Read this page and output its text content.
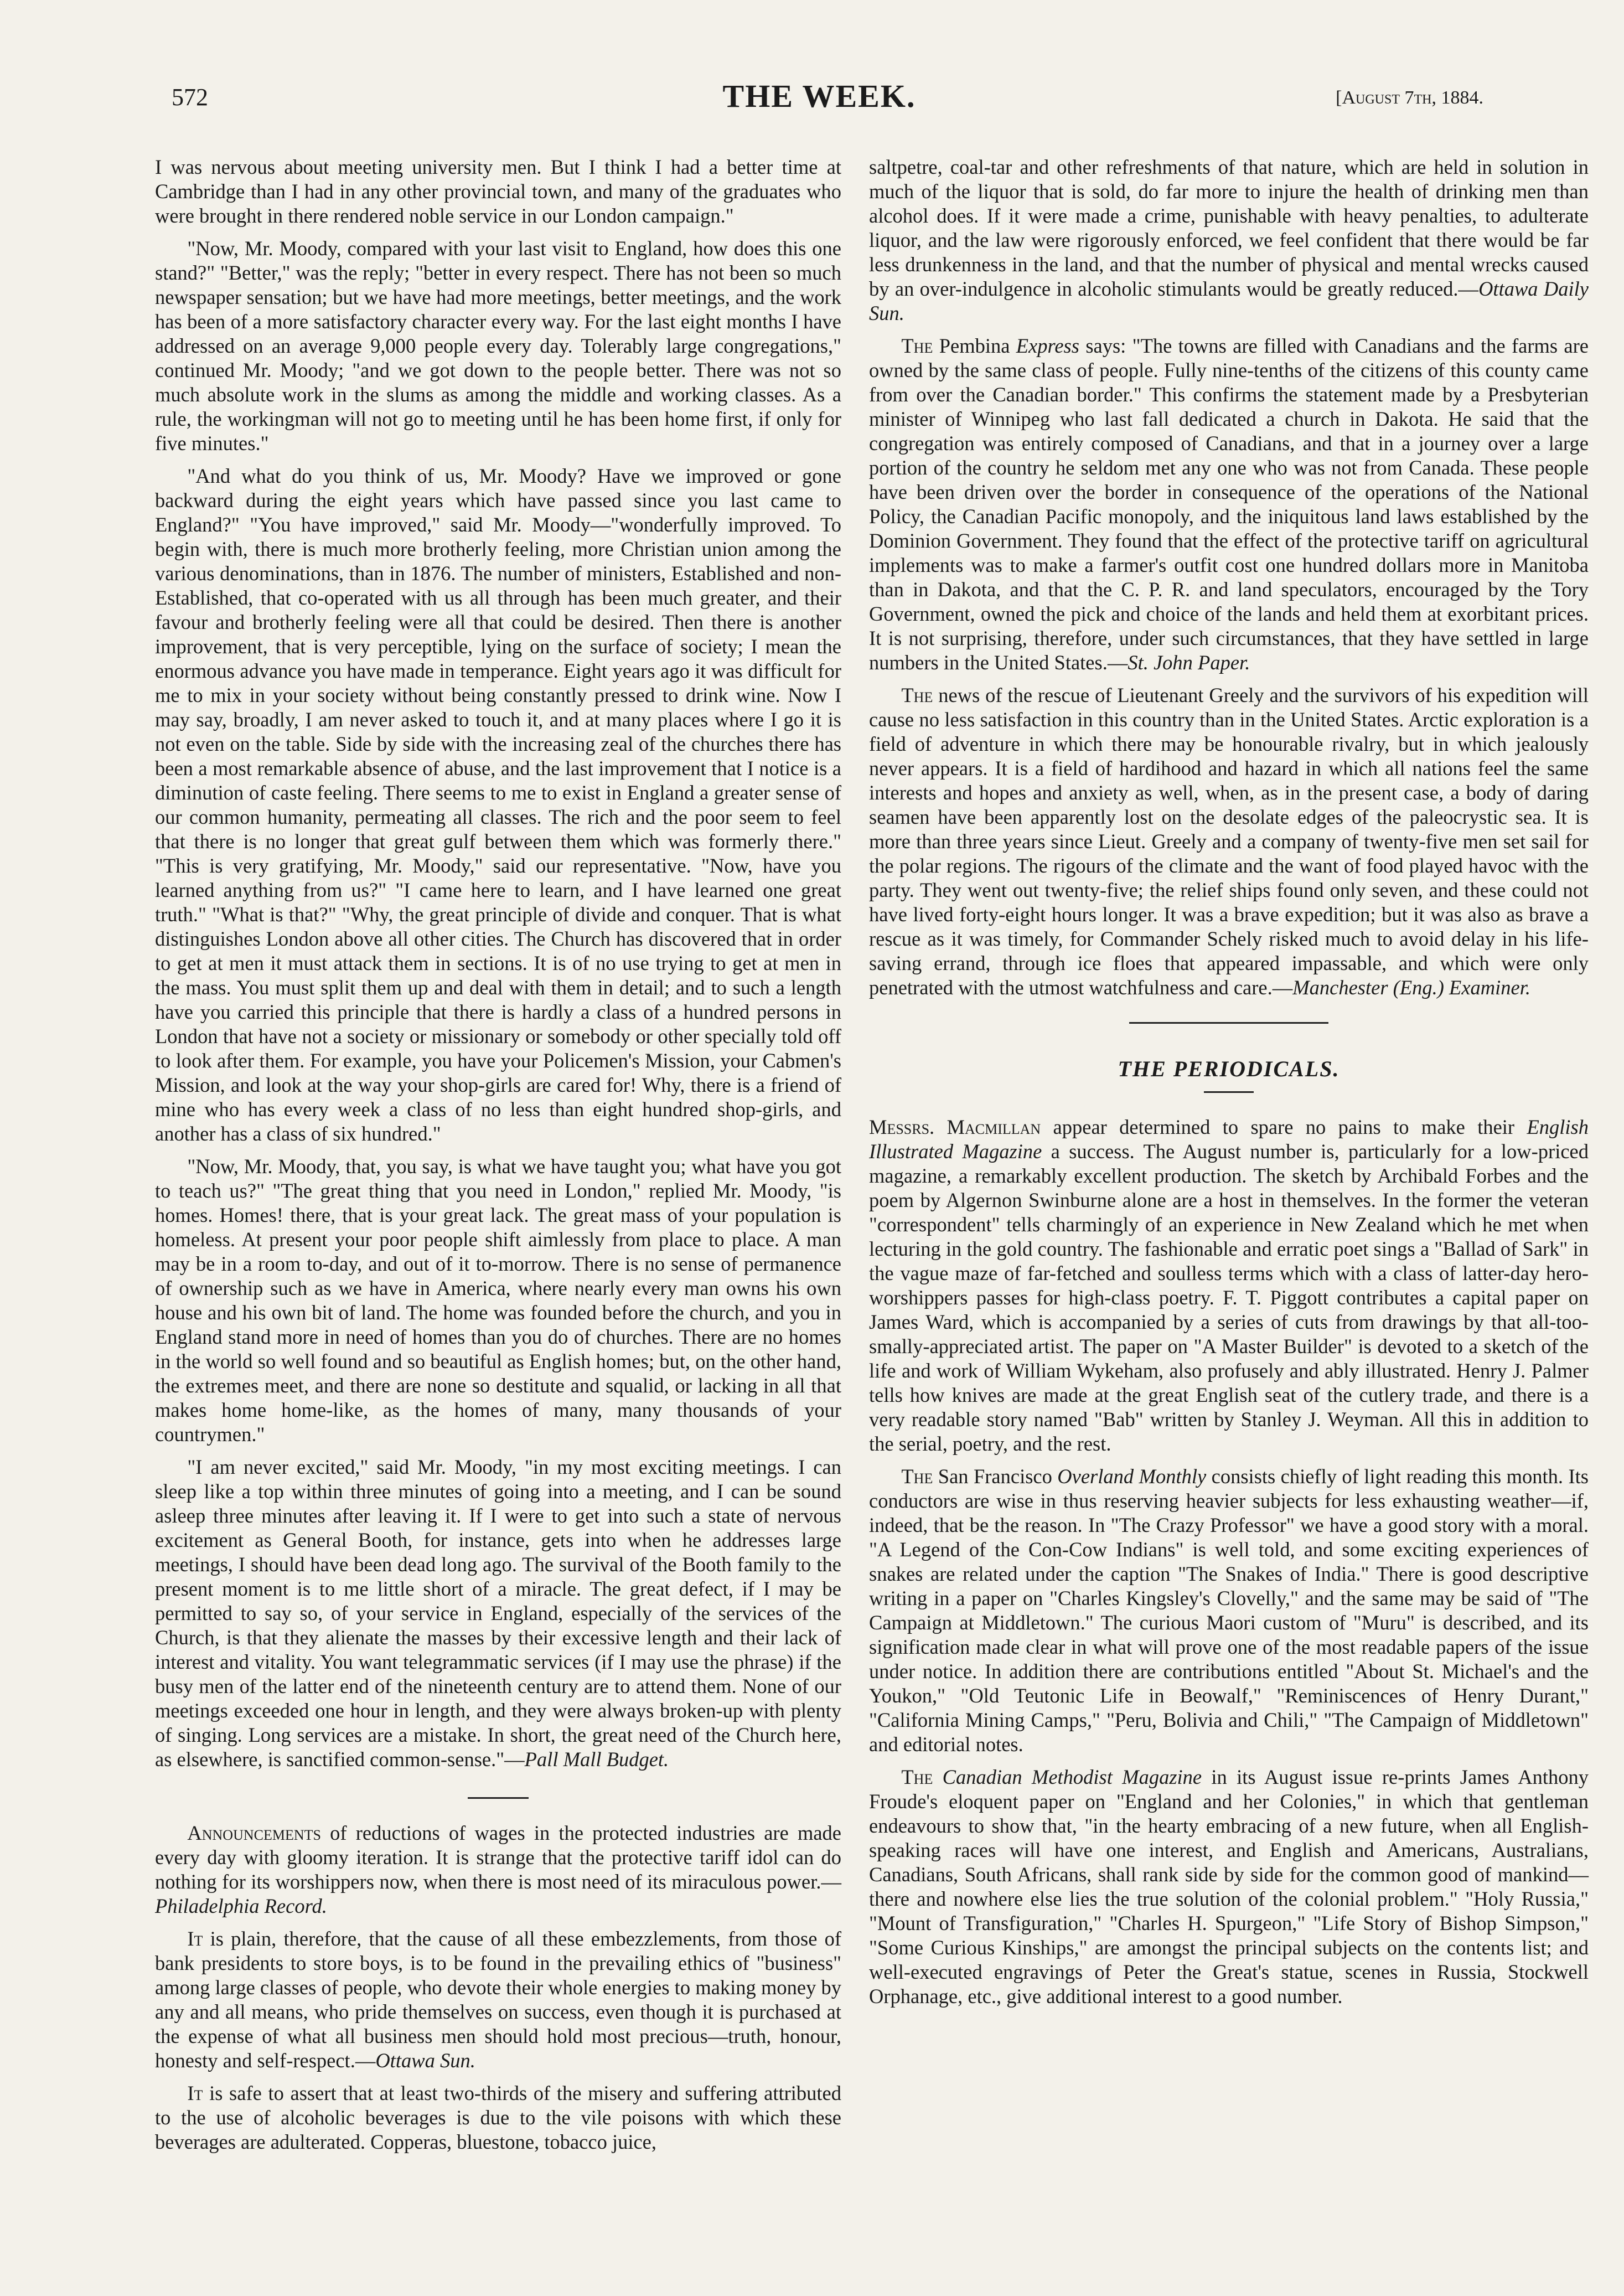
572	THE WEEK.	[August 7th, 1884.

I was nervous about meeting university men. But I think I had a better time at Cambridge than I had in any other provincial town, and many of the graduates who were brought in there rendered noble service in our London campaign."

"Now, Mr. Moody, compared with your last visit to England, how does this one stand?" "Better," was the reply; "better in every respect. There has not been so much newspaper sensation; but we have had more meetings, better meetings, and the work has been of a more satisfactory character every way. For the last eight months I have addressed on an average 9,000 people every day. Tolerably large congregations," continued Mr. Moody; "and we got down to the people better. There was not so much absolute work in the slums as among the middle and working classes. As a rule, the workingman will not go to meeting until he has been home first, if only for five minutes."

"And what do you think of us, Mr. Moody? Have we improved or gone backward during the eight years which have passed since you last came to England?" "You have improved," said Mr. Moody—"wonderfully improved. To begin with, there is much more brotherly feeling, more Christian union among the various denominations, than in 1876. The number of ministers, Established and non-Established, that co-operated with us all through has been much greater, and their favour and brotherly feeling were all that could be desired. Then there is another improvement, that is very perceptible, lying on the surface of society; I mean the enormous advance you have made in temperance. Eight years ago it was difficult for me to mix in your society without being constantly pressed to drink wine. Now I may say, broadly, I am never asked to touch it, and at many places where I go it is not even on the table. Side by side with the increasing zeal of the churches there has been a most remarkable absence of abuse, and the last improvement that I notice is a diminution of caste feeling. There seems to me to exist in England a greater sense of our common humanity, permeating all classes. The rich and the poor seem to feel that there is no longer that great gulf between them which was formerly there." "This is very gratifying, Mr. Moody," said our representative. "Now, have you learned anything from us?" "I came here to learn, and I have learned one great truth." "What is that?" "Why, the great principle of divide and conquer. That is what distinguishes London above all other cities. The Church has discovered that in order to get at men it must attack them in sections. It is of no use trying to get at men in the mass. You must split them up and deal with them in detail; and to such a length have you carried this principle that there is hardly a class of a hundred persons in London that have not a society or missionary or somebody or other specially told off to look after them. For example, you have your Policemen's Mission, your Cabmen's Mission, and look at the way your shop-girls are cared for! Why, there is a friend of mine who has every week a class of no less than eight hundred shop-girls, and another has a class of six hundred."

"Now, Mr. Moody, that, you say, is what we have taught you; what have you got to teach us?" "The great thing that you need in London," replied Mr. Moody, "is homes. Homes! there, that is your great lack. The great mass of your population is homeless. At present your poor people shift aimlessly from place to place. A man may be in a room to-day, and out of it to-morrow. There is no sense of permanence of ownership such as we have in America, where nearly every man owns his own house and his own bit of land. The home was founded before the church, and you in England stand more in need of homes than you do of churches. There are no homes in the world so well found and so beautiful as English homes; but, on the other hand, the extremes meet, and there are none so destitute and squalid, or lacking in all that makes home home-like, as the homes of many, many thousands of your countrymen."

"I am never excited," said Mr. Moody, "in my most exciting meetings. I can sleep like a top within three minutes of going into a meeting, and I can be sound asleep three minutes after leaving it. If I were to get into such a state of nervous excitement as General Booth, for instance, gets into when he addresses large meetings, I should have been dead long ago. The survival of the Booth family to the present moment is to me little short of a miracle. The great defect, if I may be permitted to say so, of your service in England, especially of the services of the Church, is that they alienate the masses by their excessive length and their lack of interest and vitality. You want telegrammatic services (if I may use the phrase) if the busy men of the latter end of the nineteenth century are to attend them. None of our meetings exceeded one hour in length, and they were always broken-up with plenty of singing. Long services are a mistake. In short, the great need of the Church here, as elsewhere, is sanctified common-sense."—Pall Mall Budget.

Announcements of reductions of wages in the protected industries are made every day with gloomy iteration. It is strange that the protective tariff idol can do nothing for its worshippers now, when there is most need of its miraculous power.—Philadelphia Record.

It is plain, therefore, that the cause of all these embezzlements, from those of bank presidents to store boys, is to be found in the prevailing ethics of "business" among large classes of people, who devote their whole energies to making money by any and all means, who pride themselves on success, even though it is purchased at the expense of what all business men should hold most precious—truth, honour, honesty and self-respect.—Ottawa Sun.

It is safe to assert that at least two-thirds of the misery and suffering attributed to the use of alcoholic beverages is due to the vile poisons with which these beverages are adulterated. Copperas, bluestone, tobacco juice,

saltpetre, coal-tar and other refreshments of that nature, which are held in solution in much of the liquor that is sold, do far more to injure the health of drinking men than alcohol does. If it were made a crime, punishable with heavy penalties, to adulterate liquor, and the law were rigorously enforced, we feel confident that there would be far less drunkenness in the land, and that the number of physical and mental wrecks caused by an over-indulgence in alcoholic stimulants would be greatly reduced.—Ottawa Daily Sun.

The Pembina Express says: "The towns are filled with Canadians and the farms are owned by the same class of people. Fully nine-tenths of the citizens of this county came from over the Canadian border." This confirms the statement made by a Presbyterian minister of Winnipeg who last fall dedicated a church in Dakota. He said that the congregation was entirely composed of Canadians, and that in a journey over a large portion of the country he seldom met any one who was not from Canada. These people have been driven over the border in consequence of the operations of the National Policy, the Canadian Pacific monopoly, and the iniquitous land laws established by the Dominion Government. They found that the effect of the protective tariff on agricultural implements was to make a farmer's outfit cost one hundred dollars more in Manitoba than in Dakota, and that the C. P. R. and land speculators, encouraged by the Tory Government, owned the pick and choice of the lands and held them at exorbitant prices. It is not surprising, therefore, under such circumstances, that they have settled in large numbers in the United States.—St. John Paper.

The news of the rescue of Lieutenant Greely and the survivors of his expedition will cause no less satisfaction in this country than in the United States. Arctic exploration is a field of adventure in which there may be honourable rivalry, but in which jealously never appears. It is a field of hardihood and hazard in which all nations feel the same interests and hopes and anxiety as well, when, as in the present case, a body of daring seamen have been apparently lost on the desolate edges of the paleocrystic sea. It is more than three years since Lieut. Greely and a company of twenty-five men set sail for the polar regions. The rigours of the climate and the want of food played havoc with the party. They went out twenty-five; the relief ships found only seven, and these could not have lived forty-eight hours longer. It was a brave expedition; but it was also as brave a rescue as it was timely, for Commander Schely risked much to avoid delay in his life-saving errand, through ice floes that appeared impassable, and which were only penetrated with the utmost watchfulness and care.—Manchester (Eng.) Examiner.

THE PERIODICALS.

Messrs. Macmillan appear determined to spare no pains to make their English Illustrated Magazine a success. The August number is, particularly for a low-priced magazine, a remarkably excellent production. The sketch by Archibald Forbes and the poem by Algernon Swinburne alone are a host in themselves. In the former the veteran "correspondent" tells charmingly of an experience in New Zealand which he met when lecturing in the gold country. The fashionable and erratic poet sings a "Ballad of Sark" in the vague maze of far-fetched and soulless terms which with a class of latter-day hero-worshippers passes for high-class poetry. F. T. Piggott contributes a capital paper on James Ward, which is accompanied by a series of cuts from drawings by that all-too-smally-appreciated artist. The paper on "A Master Builder" is devoted to a sketch of the life and work of William Wykeham, also profusely and ably illustrated. Henry J. Palmer tells how knives are made at the great English seat of the cutlery trade, and there is a very readable story named "Bab" written by Stanley J. Weyman. All this in addition to the serial, poetry, and the rest.

The San Francisco Overland Monthly consists chiefly of light reading this month. Its conductors are wise in thus reserving heavier subjects for less exhausting weather—if, indeed, that be the reason. In "The Crazy Professor" we have a good story with a moral. "A Legend of the Con-Cow Indians" is well told, and some exciting experiences of snakes are related under the caption "The Snakes of India." There is good descriptive writing in a paper on "Charles Kingsley's Clovelly," and the same may be said of "The Campaign at Middletown." The curious Maori custom of "Muru" is described, and its signification made clear in what will prove one of the most readable papers of the issue under notice. In addition there are contributions entitled "About St. Michael's and the Youkon," "Old Teutonic Life in Beowalf," "Reminiscences of Henry Durant," "California Mining Camps," "Peru, Bolivia and Chili," "The Campaign of Middletown" and editorial notes.

The Canadian Methodist Magazine in its August issue re-prints James Anthony Froude's eloquent paper on "England and her Colonies," in which that gentleman endeavours to show that, "in the hearty embracing of a new future, when all English-speaking races will have one interest, and English and Americans, Australians, Canadians, South Africans, shall rank side by side for the common good of mankind—there and nowhere else lies the true solution of the colonial problem." "Holy Russia," "Mount of Transfiguration," "Charles H. Spurgeon," "Life Story of Bishop Simpson," "Some Curious Kinships," are amongst the principal subjects on the contents list; and well-executed engravings of Peter the Great's statue, scenes in Russia, Stockwell Orphanage, etc., give additional interest to a good number.
